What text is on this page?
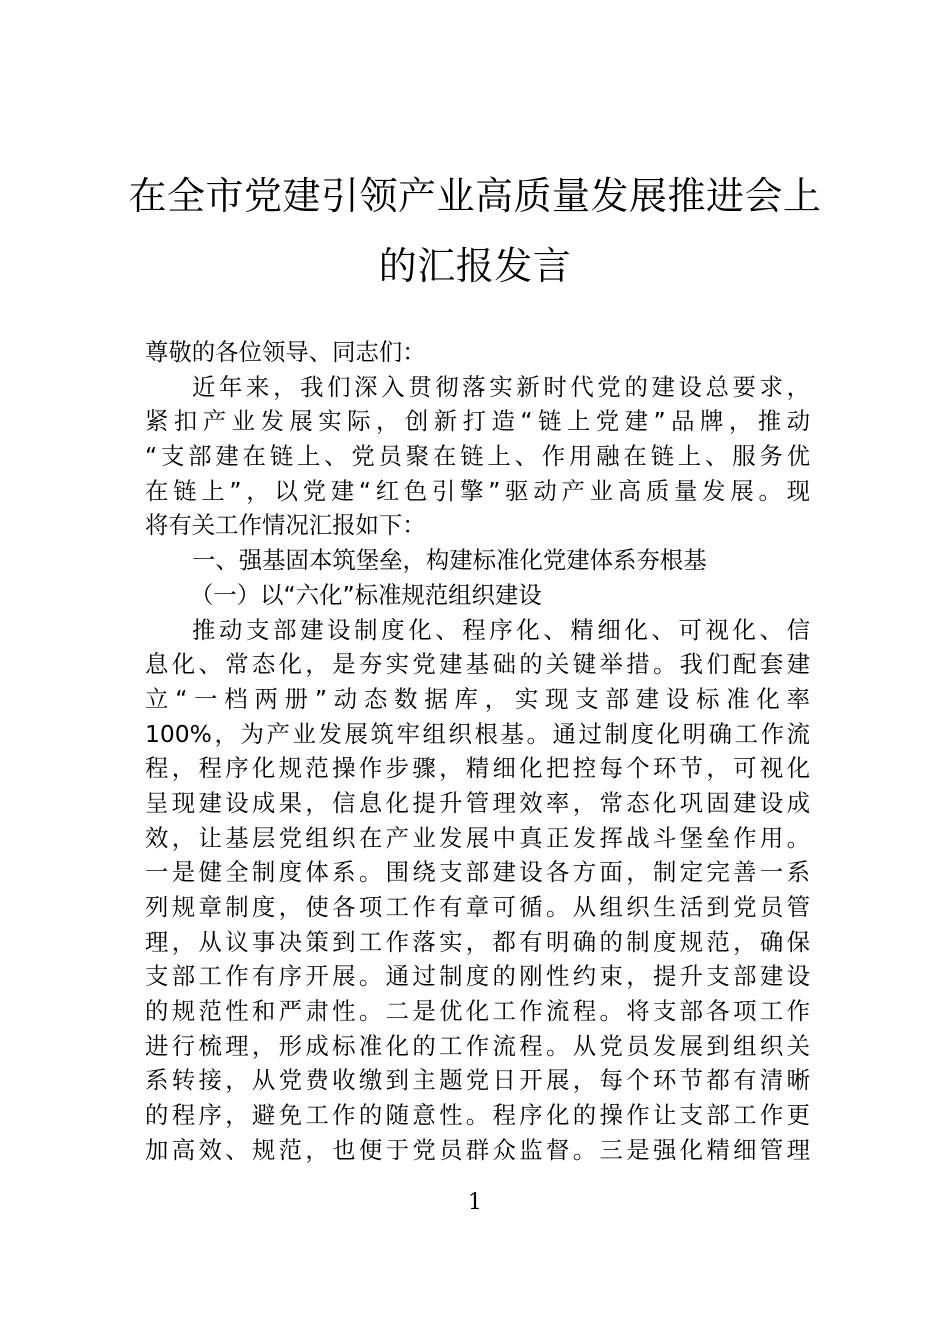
在全市党建引领产业高质量发展推进会上
的汇报发言
尊敬的各位领导、同志们：
近年来，我们深入贯彻落实新时代党的建设总要求，
紧扣产业发展实际，创新打造“链上党建”品牌，推动
“支部建在链上、党员聚在链上、作用融在链上、服务优
在链上”，以党建“红色引擎”驱动产业高质量发展。现
将有关工作情况汇报如下：
一、强基固本筑堡垒，构建标准化党建体系夯根基
（一）以“六化”标准规范组织建设
推动支部建设制度化、程序化、精细化、可视化、信
息化、常态化，是夯实党建基础的关键举措。我们配套建
立“一档两册”动态数据库，实现支部建设标准化率
100%，为产业发展筑牢组织根基。通过制度化明确工作流
程，程序化规范操作步骤，精细化把控每个环节，可视化
呈现建设成果，信息化提升管理效率，常态化巩固建设成
效，让基层党组织在产业发展中真正发挥战斗堡垒作用。
一是健全制度体系。围绕支部建设各方面，制定完善一系
列规章制度，使各项工作有章可循。从组织生活到党员管
理，从议事决策到工作落实，都有明确的制度规范，确保
支部工作有序开展。通过制度的刚性约束，提升支部建设
的规范性和严肃性。二是优化工作流程。将支部各项工作
进行梳理，形成标准化的工作流程。从党员发展到组织关
系转接，从党费收缴到主题党日开展，每个环节都有清晰
的程序，避免工作的随意性。程序化的操作让支部工作更
加高效、规范，也便于党员群众监督。三是强化精细管理
1
